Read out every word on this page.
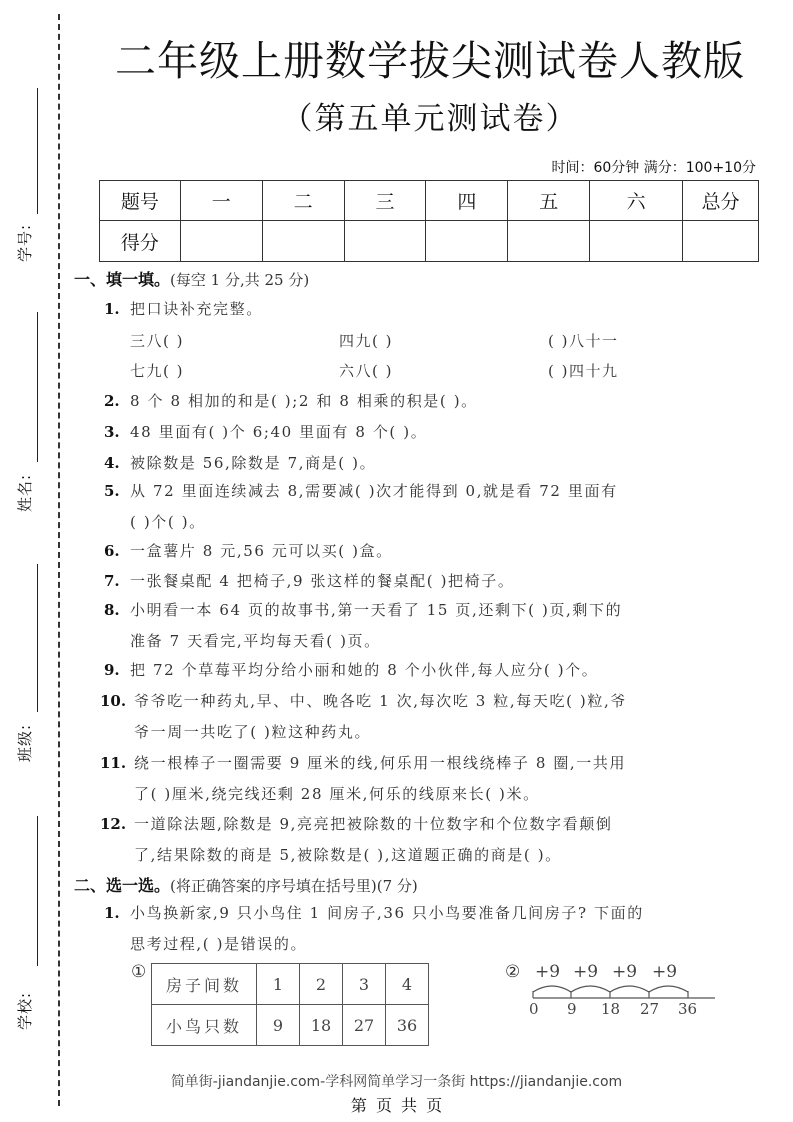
学号:
姓名:
班级:
学校:
二年级上册数学拔尖测试卷人教版
（第五单元测试卷）
时间：60分钟 满分：100+10分
题号	一	二	三	四	五	六	总分
得分							
一、填一填。(每空 1 分,共 25 分)
1. 把口诀补充完整。
三八( )	四九( )	( )八十一
七九( )	六八( )	( )四十九
2. 8 个 8 相加的和是( );2 和 8 相乘的积是( )。
3. 48 里面有( )个 6;40 里面有 8 个( )。
4. 被除数是 56,除数是 7,商是( )。
5. 从 72 里面连续减去 8,需要减( )次才能得到 0,就是看 72 里面有
( )个( )。
6. 一盒薯片 8 元,56 元可以买( )盒。
7. 一张餐桌配 4 把椅子,9 张这样的餐桌配( )把椅子。
8. 小明看一本 64 页的故事书,第一天看了 15 页,还剩下( )页,剩下的
准备 7 天看完,平均每天看( )页。
9. 把 72 个草莓平均分给小丽和她的 8 个小伙伴,每人应分( )个。
10. 爷爷吃一种药丸,早、中、晚各吃 1 次,每次吃 3 粒,每天吃( )粒,爷
爷一周一共吃了( )粒这种药丸。
11. 绕一根棒子一圈需要 9 厘米的线,何乐用一根线绕棒子 8 圈,一共用
了( )厘米,绕完线还剩 28 厘米,何乐的线原来长( )米。
12. 一道除法题,除数是 9,亮亮把被除数的十位数字和个位数字看颠倒
了,结果除数的商是 5,被除数是( ),这道题正确的商是( )。
二、选一选。(将正确答案的序号填在括号里)(7 分)
1. 小鸟换新家,9 只小鸟住 1 间房子,36 只小鸟要准备几间房子? 下面的
思考过程,( )是错误的。
①
房子间数	1	2	3	4
小鸟只数	9	18	27	36
② +9 +9 +9 +9
0 9 18 27 36
简单街-jiandanjie.com-学科网简单学习一条街 https://jiandanjie.com
第 页 共 页
